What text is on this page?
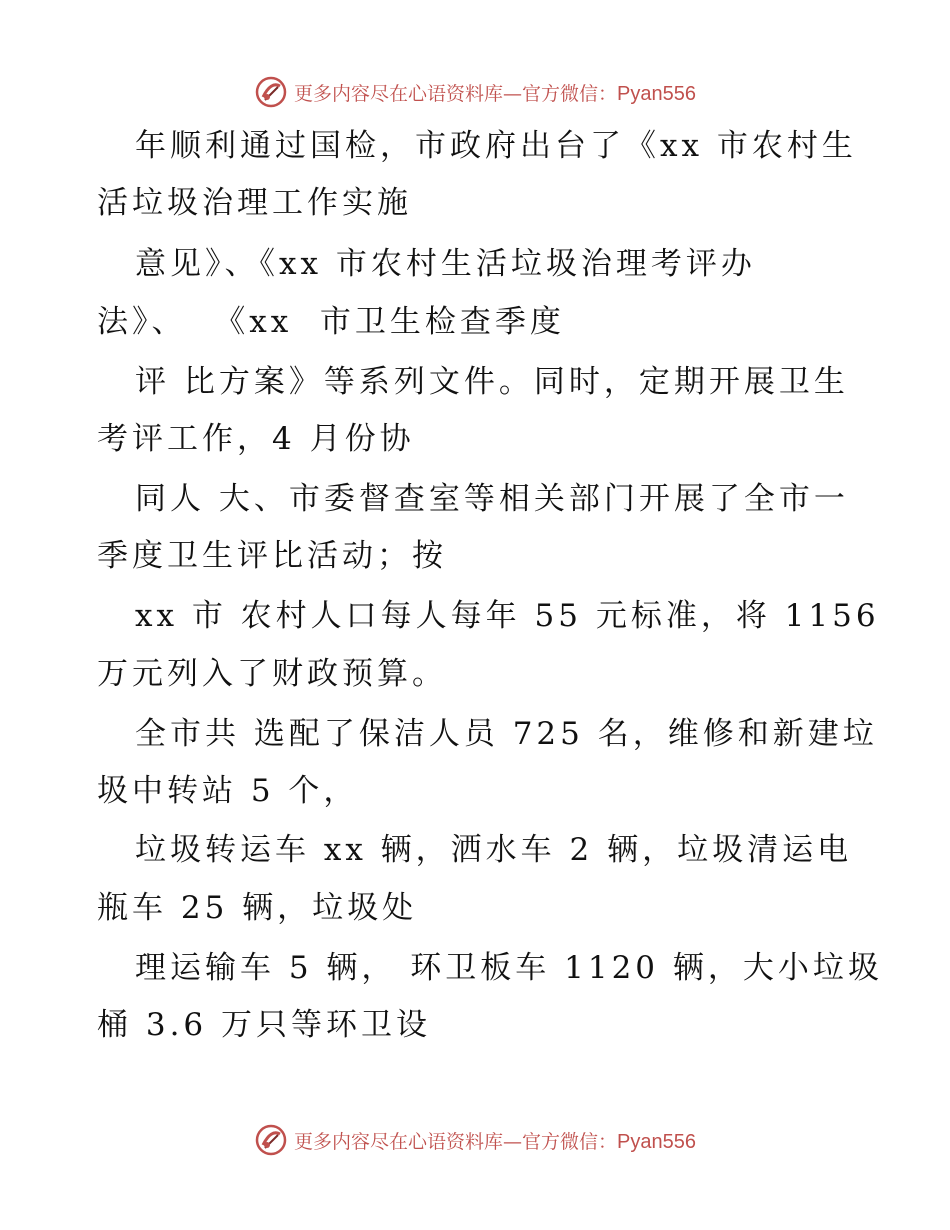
更多内容尽在心语资料库—官方微信：Pyan556
年顺利通过国检，市政府出台了《xx 市农村生
活垃圾治理工作实施
意见》、《xx 市农村生活垃圾治理考评办
法》、  《xx  市卫生检查季度
评 比方案》等系列文件。同时，定期开展卫生
考评工作，4 月份协
同人 大、市委督查室等相关部门开展了全市一
季度卫生评比活动；按
xx 市 农村人口每人每年 55 元标准，将 1156
万元列入了财政预算。
全市共 选配了保洁人员 725 名，维修和新建垃
圾中转站 5 个，
垃圾转运车 xx 辆，洒水车 2 辆，垃圾清运电
瓶车 25 辆，垃圾处
理运输车 5 辆， 环卫板车 1120 辆，大小垃圾
桶 3.6 万只等环卫设
更多内容尽在心语资料库—官方微信：Pyan556
